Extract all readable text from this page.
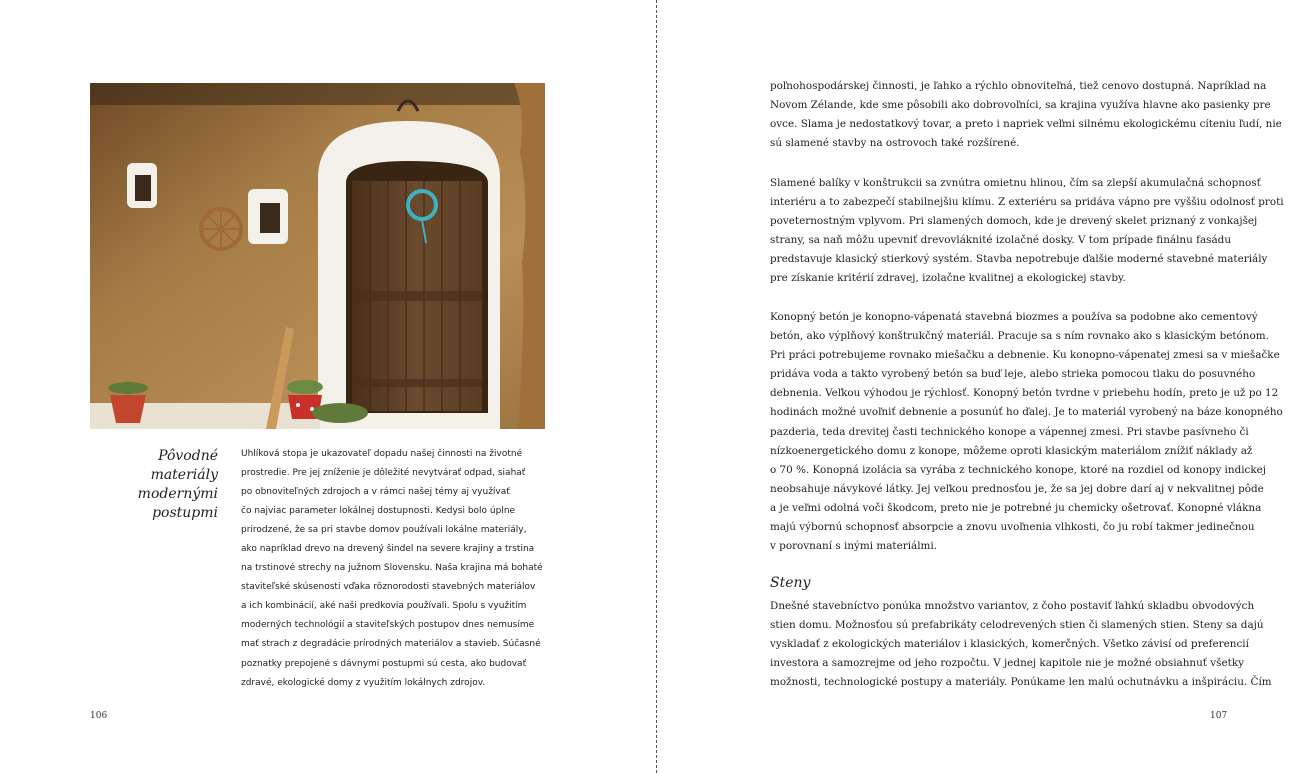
Pôvodné materiály
modernými
postupmi
Uhlíková stopa je ukazovateľ dopadu našej činnosti na životné
prostredie. Pre jej zníženie je dôležité nevytvárať odpad, siahať
po obnoviteľných zdrojoch a v rámci našej témy aj využívať
čo najviac parameter lokálnej dostupnosti. Kedysi bolo úplne
prirodzené, že sa pri stavbe domov používali lokálne materiály,
ako napríklad drevo na drevený šindel na severe krajiny a trstina
na trstinové strechy na južnom Slovensku. Naša krajina má bohaté
staviteľské skúsenosti vďaka rôznorodosti stavebných materiálov
a ich kombinácií, aké naši predkovia používali. Spolu s využitím
moderných technológií a staviteľských postupov dnes nemusíme
mať strach z degradácie prírodných materiálov a stavieb. Súčasné
poznatky prepojené s dávnymi postupmi sú cesta, ako budovať
zdravé, ekologické domy z využitím lokálnych zdrojov.
106
poľnohospodárskej činnosti, je ľahko a rýchlo obnoviteľná, tiež cenovo dostupná. Napríklad na
Novom Zélande, kde sme pôsobili ako dobrovoľníci, sa krajina využíva hlavne ako pasienky pre
ovce. Slama je nedostatkový tovar, a preto i napriek veľmi silnému ekologickému cíteniu ľudí, nie
sú slamené stavby na ostrovoch také rozšírené.
Slamené balíky v konštrukcii sa zvnútra omietnu hlinou, čím sa zlepší akumulačná schopnosť
interiéru a to zabezpečí stabilnejšiu klímu. Z exteriéru sa pridáva vápno pre vyššiu odolnosť proti
poveternostným vplyvom. Pri slamených domoch, kde je drevený skelet priznaný z vonkajšej
strany, sa naň môžu upevniť drevovláknité izolačné dosky. V tom prípade finálnu fasádu
predstavuje klasický stierkový systém. Stavba nepotrebuje ďalšie moderné stavebné materiály
pre získanie kritérií zdravej, izolačne kvalitnej a ekologickej stavby.
Konopný betón je konopno-vápenatá stavebná biozmes a používa sa podobne ako cementový
betón, ako výplňový konštrukčný materiál. Pracuje sa s ním rovnako ako s klasickým betónom.
Pri práci potrebujeme rovnako miešačku a debnenie. Ku konopno-vápenatej zmesi sa v miešačke
pridáva voda a takto vyrobený betón sa buď leje, alebo strieka pomocou tlaku do posuvného
debnenia. Veľkou výhodou je rýchlosť. Konopný betón tvrdne v priebehu hodín, preto je už po 12
hodinách možné uvoľniť debnenie a posunúť ho ďalej. Je to materiál vyrobený na báze konopného
pazderia, teda drevitej časti technického konope a vápennej zmesi. Pri stavbe pasívneho či
nízkoenergetického domu z konope, môžeme oproti klasickým materiálom znížiť náklady až
o 70 %. Konopná izolácia sa vyrába z technického konope, ktoré na rozdiel od konopy indickej
neobsahuje návykové látky. Jej veľkou prednosťou je, že sa jej dobre darí aj v nekvalitnej pôde
a je veľmi odolná voči škodcom, preto nie je potrebné ju chemicky ošetrovať. Konopné vlákna
majú výbornú schopnosť absorpcie a znovu uvoľnenia vlhkosti, čo ju robí takmer jedinečnou
v porovnaní s inými materiálmi.
Steny
Dnešné stavebníctvo ponúka množstvo variantov, z čoho postaviť ľahkú skladbu obvodových
stien domu. Možnosťou sú prefabrikáty celodrevených stien či slamených stien. Steny sa dajú
vyskladať z ekologických materiálov i klasických, komerčných. Všetko závisí od preferencií
investora a samozrejme od jeho rozpočtu. V jednej kapitole nie je možné obsiahnuť všetky
možnosti, technologické postupy a materiály. Ponúkame len malú ochutnávku a inšpiráciu. Čím
107
